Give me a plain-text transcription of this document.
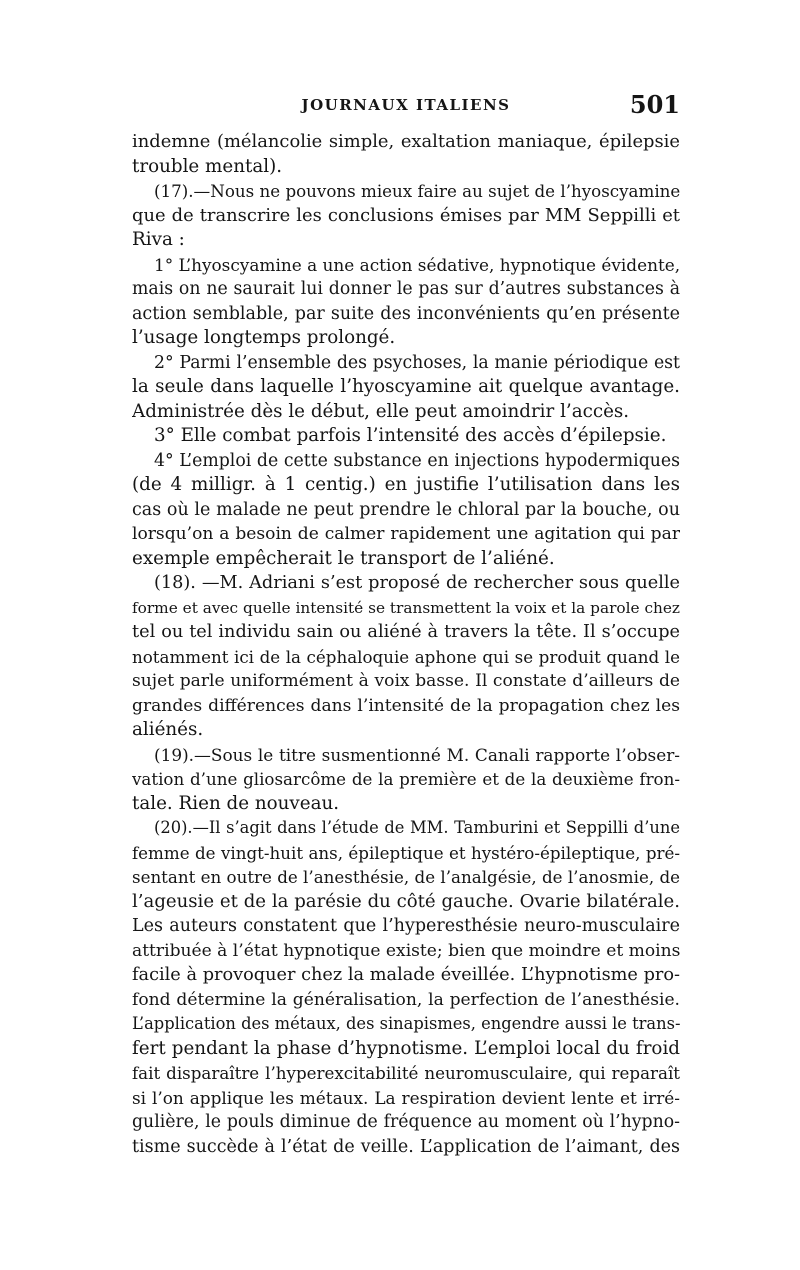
JOURNAUX ITALIENS	501
indemne (mélancolie simple, exaltation maniaque, épilepsie
trouble mental).
(17).—Nous ne pouvons mieux faire au sujet de l’hyoscyamine
que de transcrire les conclusions émises par MM Seppilli et
Riva :
1° L’hyoscyamine a une action sédative, hypnotique évidente,
mais on ne saurait lui donner le pas sur d’autres substances à
action semblable, par suite des inconvénients qu’en présente
l’usage longtemps prolongé.
2° Parmi l’ensemble des psychoses, la manie périodique est
la seule dans laquelle l’hyoscyamine ait quelque avantage.
Administrée dès le début, elle peut amoindrir l’accès.
3° Elle combat parfois l’intensité des accès d’épilepsie.
4° L’emploi de cette substance en injections hypodermiques
(de 4 milligr. à 1 centig.) en justifie l’utilisation dans les
cas où le malade ne peut prendre le chloral par la bouche, ou
lorsqu’on a besoin de calmer rapidement une agitation qui par
exemple empêcherait le transport de l’aliéné.
(18). —M. Adriani s’est proposé de rechercher sous quelle
forme et avec quelle intensité se transmettent la voix et la parole chez
tel ou tel individu sain ou aliéné à travers la tête. Il s’occupe
notamment ici de la céphaloquie aphone qui se produit quand le
sujet parle uniformément à voix basse. Il constate d’ailleurs de
grandes différences dans l’intensité de la propagation chez les
aliénés.
(19).—Sous le titre susmentionné M. Canali rapporte l’obser-
vation d’une gliosarcôme de la première et de la deuxième fron-
tale. Rien de nouveau.
(20).—Il s’agit dans l’étude de MM. Tamburini et Seppilli d’une
femme de vingt-huit ans, épileptique et hystéro-épileptique, pré-
sentant en outre de l’anesthésie, de l’analgésie, de l’anosmie, de
l’ageusie et de la parésie du côté gauche. Ovarie bilatérale.
Les auteurs constatent que l’hyperesthésie neuro-musculaire
attribuée à l’état hypnotique existe; bien que moindre et moins
facile à provoquer chez la malade éveillée. L’hypnotisme pro-
fond détermine la généralisation, la perfection de l’anesthésie.
L’application des métaux, des sinapismes, engendre aussi le trans-
fert pendant la phase d’hypnotisme. L’emploi local du froid
fait disparaître l’hyperexcitabilité neuromusculaire, qui reparaît
si l’on applique les métaux. La respiration devient lente et irré-
gulière, le pouls diminue de fréquence au moment où l’hypno-
tisme succède à l’état de veille. L’application de l’aimant, des
